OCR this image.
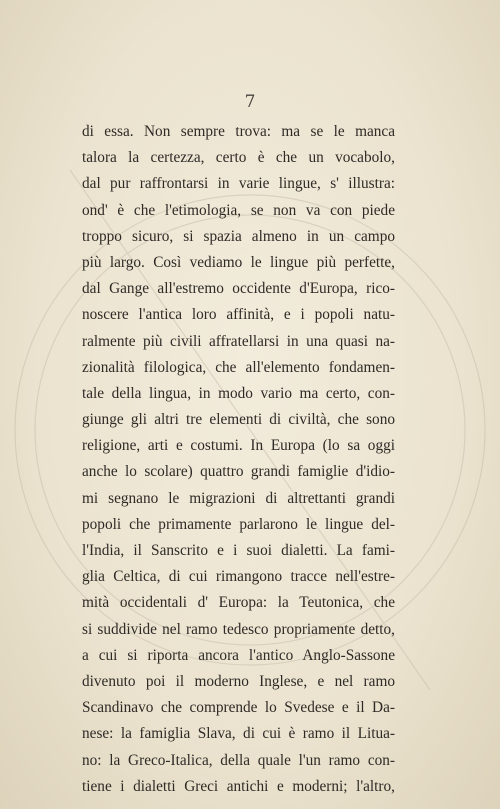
7

di essa. Non sempre trova: ma se le manca
talora la certezza, certo è che un vocabolo,
dal pur raffrontarsi in varie lingue, s' illustra:
ond' è che l'etimologia, se non va con piede
troppo sicuro, si spazia almeno in un campo
più largo. Così vediamo le lingue più perfette,
dal Gange all'estremo occidente d'Europa, rico-
noscere l'antica loro affinità, e i popoli natu-
ralmente più civili affratellarsi in una quasi na-
zionalità filologica, che all'elemento fondamen-
tale della lingua, in modo vario ma certo, con-
giunge gli altri tre elementi di civiltà, che sono
religione, arti e costumi. In Europa (lo sa oggi
anche lo scolare) quattro grandi famiglie d'idio-
mi segnano le migrazioni di altrettanti grandi
popoli che primamente parlarono le lingue del-
l'India, il Sanscrito e i suoi dialetti. La fami-
glia Celtica, di cui rimangono tracce nell'estre-
mità occidentali d' Europa: la Teutonica, che
si suddivide nel ramo tedesco propriamente detto,
a cui si riporta ancora l'antico Anglo-Sassone
divenuto poi il moderno Inglese, e nel ramo
Scandinavo che comprende lo Svedese e il Da-
nese: la famiglia Slava, di cui è ramo il Litua-
no: la Greco-Italica, della quale l'un ramo con-
tiene i dialetti Greci antichi e moderni; l'altro,
